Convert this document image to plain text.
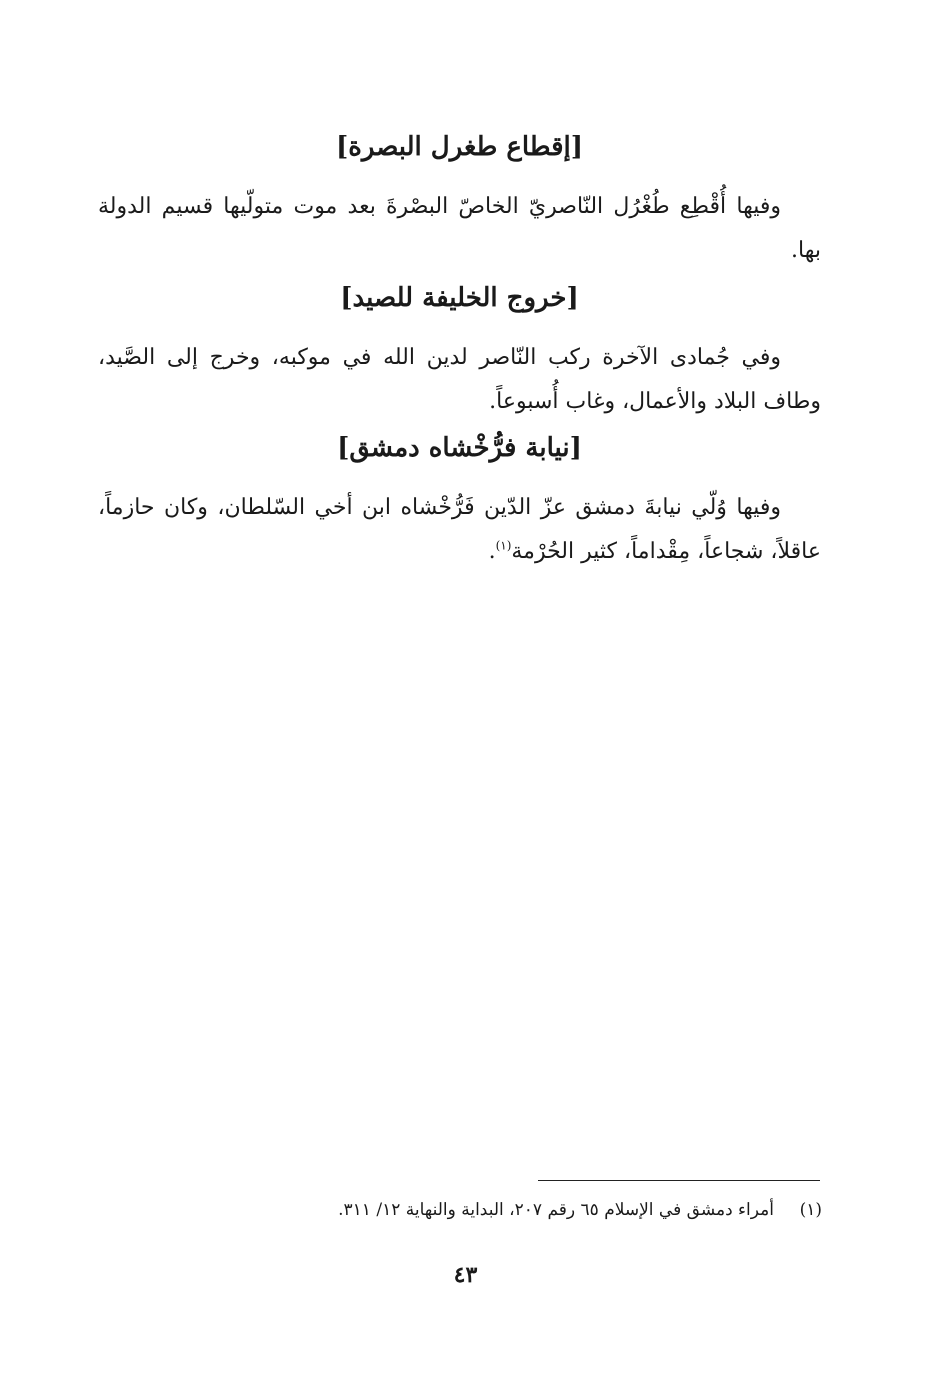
[إقطاع طغرل البصرة]

وفيها أُقْطِع طُغْرُل النّاصريّ الخاصّ البصْرةَ بعد موت متولّيها قسيم الدولة بها.

[خروج الخليفة للصيد]

وفي جُمادى الآخرة ركب النّاصر لدين الله في موكبه، وخرج إلى الصَّيد، وطاف البلاد والأعمال، وغاب أُسبوعاً.

[نيابة فرُّخْشاه دمشق]

وفيها وُلّي نيابةَ دمشق عزّ الدّين فَرُّخْشاه ابن أخي السّلطان، وكان حازماً، عاقلاً، شجاعاً، مِقْداماً، كثير الحُرْمة$^{(١)}$.

(١)أمراء دمشق في الإسلام ٦٥ رقم ٢٠٧، البداية والنهاية ١٢/ ٣١١.
٤٣
